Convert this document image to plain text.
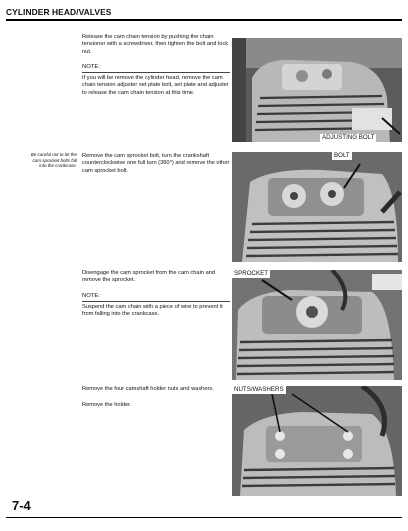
CYLINDER HEAD/VALVES
Release the cam chain tension by pushing the chain tensioner with a screwdriver, then tighten the bolt and lock nut.
NOTE:
If you will be remove the cylinder head, remove the cam chain tension adjuster set plate bolt, set plate and adjuster to release the cam chain tension at this time.
ADJUSTING BOLT
Be careful not to let the cam sprocket bolts fall into the crankcase.
Remove the cam sprocket bolt, turn the crankshaft counterclockwise one full turn (360°) and remove the other cam sprocket bolt.
BOLT
Disengage the cam sprocket from the cam chain and remove the sprocket.
NOTE:
Suspend the cam chain with a piece of wire to prevent it from falling into the crankcase.
SPROCKET
Remove the four camshaft holder nuts and washers.
Remove the holder.
NUTS/WASHERS
7-4
